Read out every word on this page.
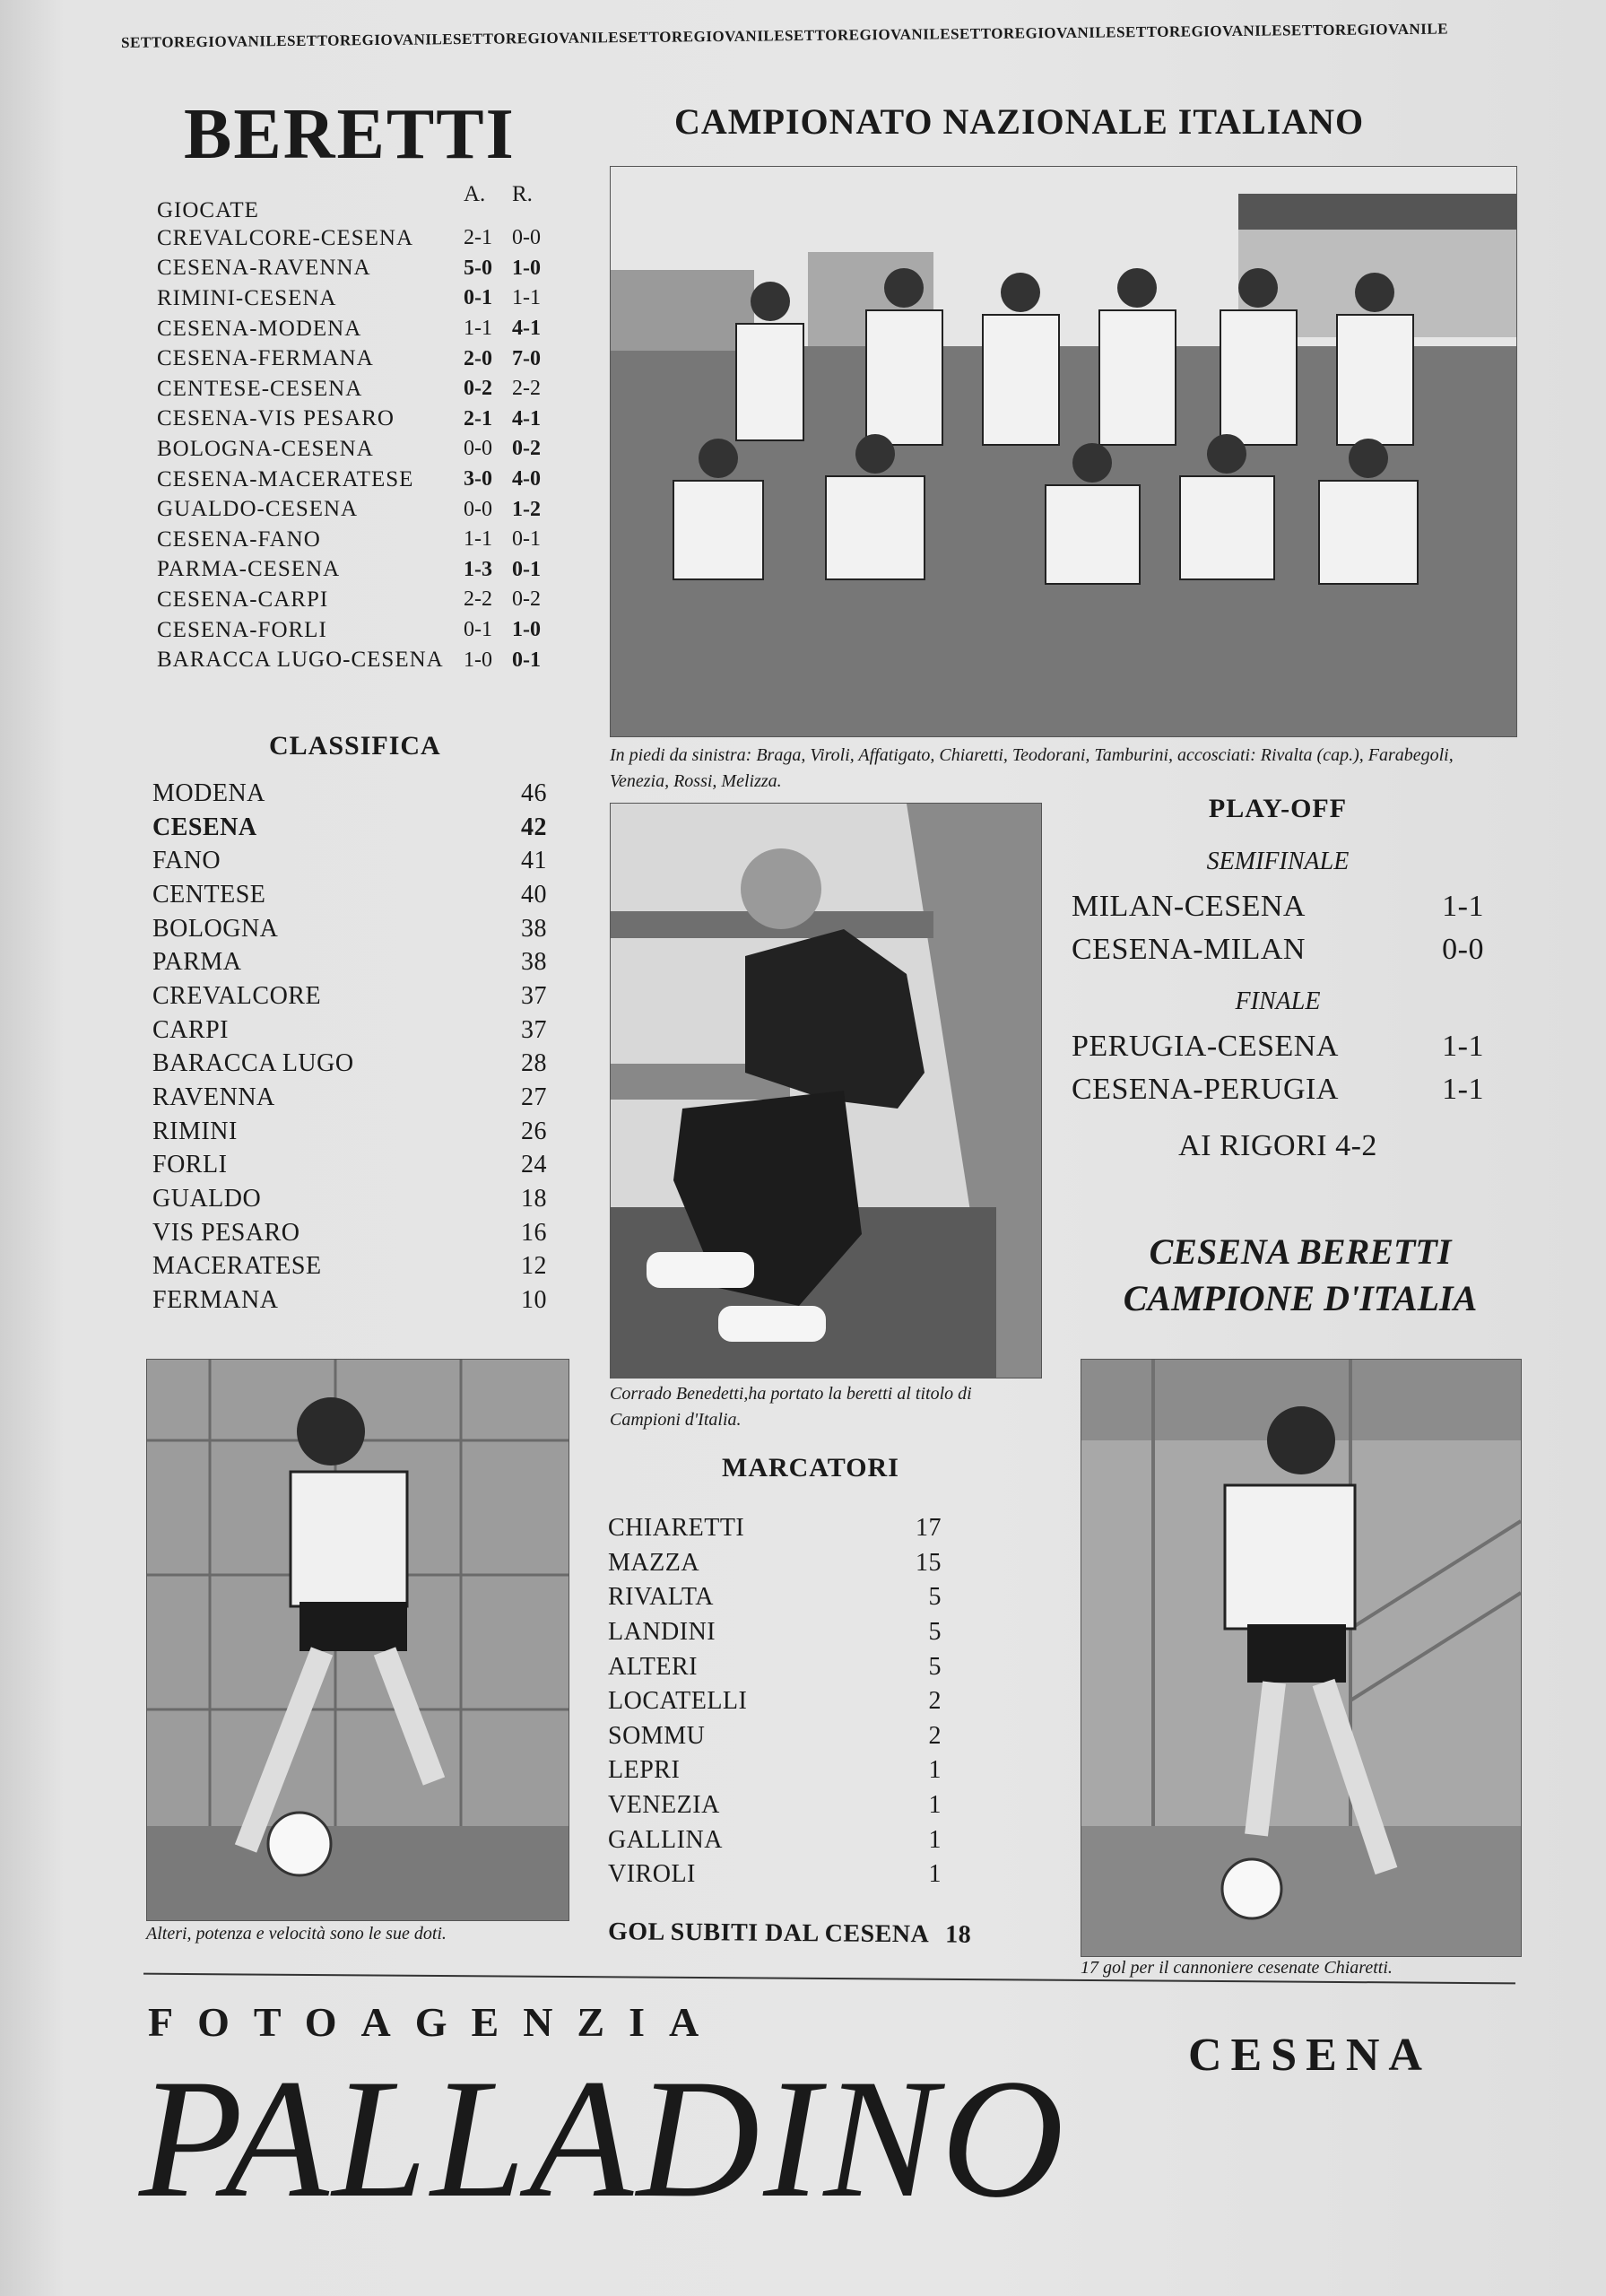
SETTOREGIOVANILESETTOREGIOVANILESETTOREGIOVANILESETTOREGIOVANILESETTOREGIOVANILESETTOREGIOVANILESETTOREGIOVANILESETTOREGIOVANILE
BERETTI	CAMPIONATO NAZIONALE ITALIANO
GIOCATE
A.	R.
CREVALCORE-CESENA	2-1 0-0
CESENA-RAVENNA	5-0 1-0
RIMINI-CESENA	0-1 1-1
CESENA-MODENA	1-1 4-1
CESENA-FERMANA	2-0 7-0
CENTESE-CESENA	0-2 2-2
CESENA-VIS PESARO	2-1 4-1
BOLOGNA-CESENA	0-0 0-2
CESENA-MACERATESE	3-0 4-0
GUALDO-CESENA	0-0 1-2
CESENA-FANO	1-1 0-1
PARMA-CESENA	1-3 0-1
CESENA-CARPI	2-2 0-2
CESENA-FORLI	0-1 1-0
BARACCA LUGO-CESENA 1-0 0-1
CLASSIFICA
MODENA	46
CESENA	42
FANO	41
CENTESE	40
BOLOGNA	38
PARMA	38
CREVALCORE	37
CARPI	37
BARACCA LUGO	28
RAVENNA	27
RIMINI	26
FORLI	24
GUALDO	18
VIS PESARO	16
MACERATESE	12
FERMANA	10
In piedi da sinistra: Braga, Viroli, Affatigato, Chiaretti, Teodorani, Tamburini, accosciati: Rivalta (cap.), Farabegoli, Venezia, Rossi, Melizza.
Corrado Benedetti,ha portato la beretti al titolo di Campioni d'Italia.
PLAY-OFF
SEMIFINALE
MILAN-CESENA	1-1
CESENA-MILAN	0-0
FINALE
PERUGIA-CESENA	1-1
CESENA-PERUGIA	1-1
AI RIGORI 4-2
CESENA BERETTI
CAMPIONE D'ITALIA
Alteri, potenza e velocità sono le sue doti.
MARCATORI
CHIARETTI	17
MAZZA	15
RIVALTA	5
LANDINI	5
ALTERI	5
LOCATELLI	2
SOMMU	2
LEPRI	1
VENEZIA	1
GALLINA	1
VIROLI	1
GOL SUBITI DAL CESENA 18
17 gol per il cannoniere cesenate Chiaretti.
FOTOAGENZIA
CESENA
PALLADINO
